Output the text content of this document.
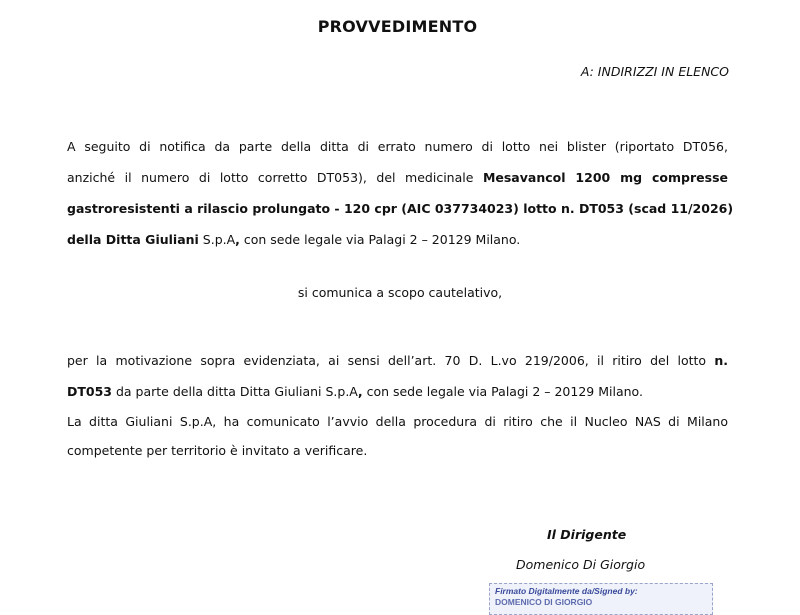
PROVVEDIMENTO
A: INDIRIZZI IN ELENCO
A seguito di notifica da parte della ditta di errato numero di lotto nei blister (riportato DT056,
anziché il numero di lotto corretto DT053), del medicinale Mesavancol 1200 mg compresse
gastroresistenti a rilascio prolungato - 120 cpr (AIC 037734023) lotto n. DT053 (scad 11/2026)
della Ditta Giuliani S.p.A, con sede legale via Palagi 2 – 20129 Milano.
si comunica a scopo cautelativo,
per la motivazione sopra evidenziata, ai sensi dell’art. 70 D. L.vo 219/2006, il ritiro del lotto n.
DT053 da parte della ditta Ditta Giuliani S.p.A, con sede legale via Palagi 2 – 20129 Milano.
La ditta Giuliani S.p.A, ha comunicato l’avvio della procedura di ritiro che il Nucleo NAS di Milano
competente per territorio è invitato a verificare.
Il Dirigente
Domenico Di Giorgio
Firmato Digitalmente da/Signed by:
DOMENICO DI GIORGIO
